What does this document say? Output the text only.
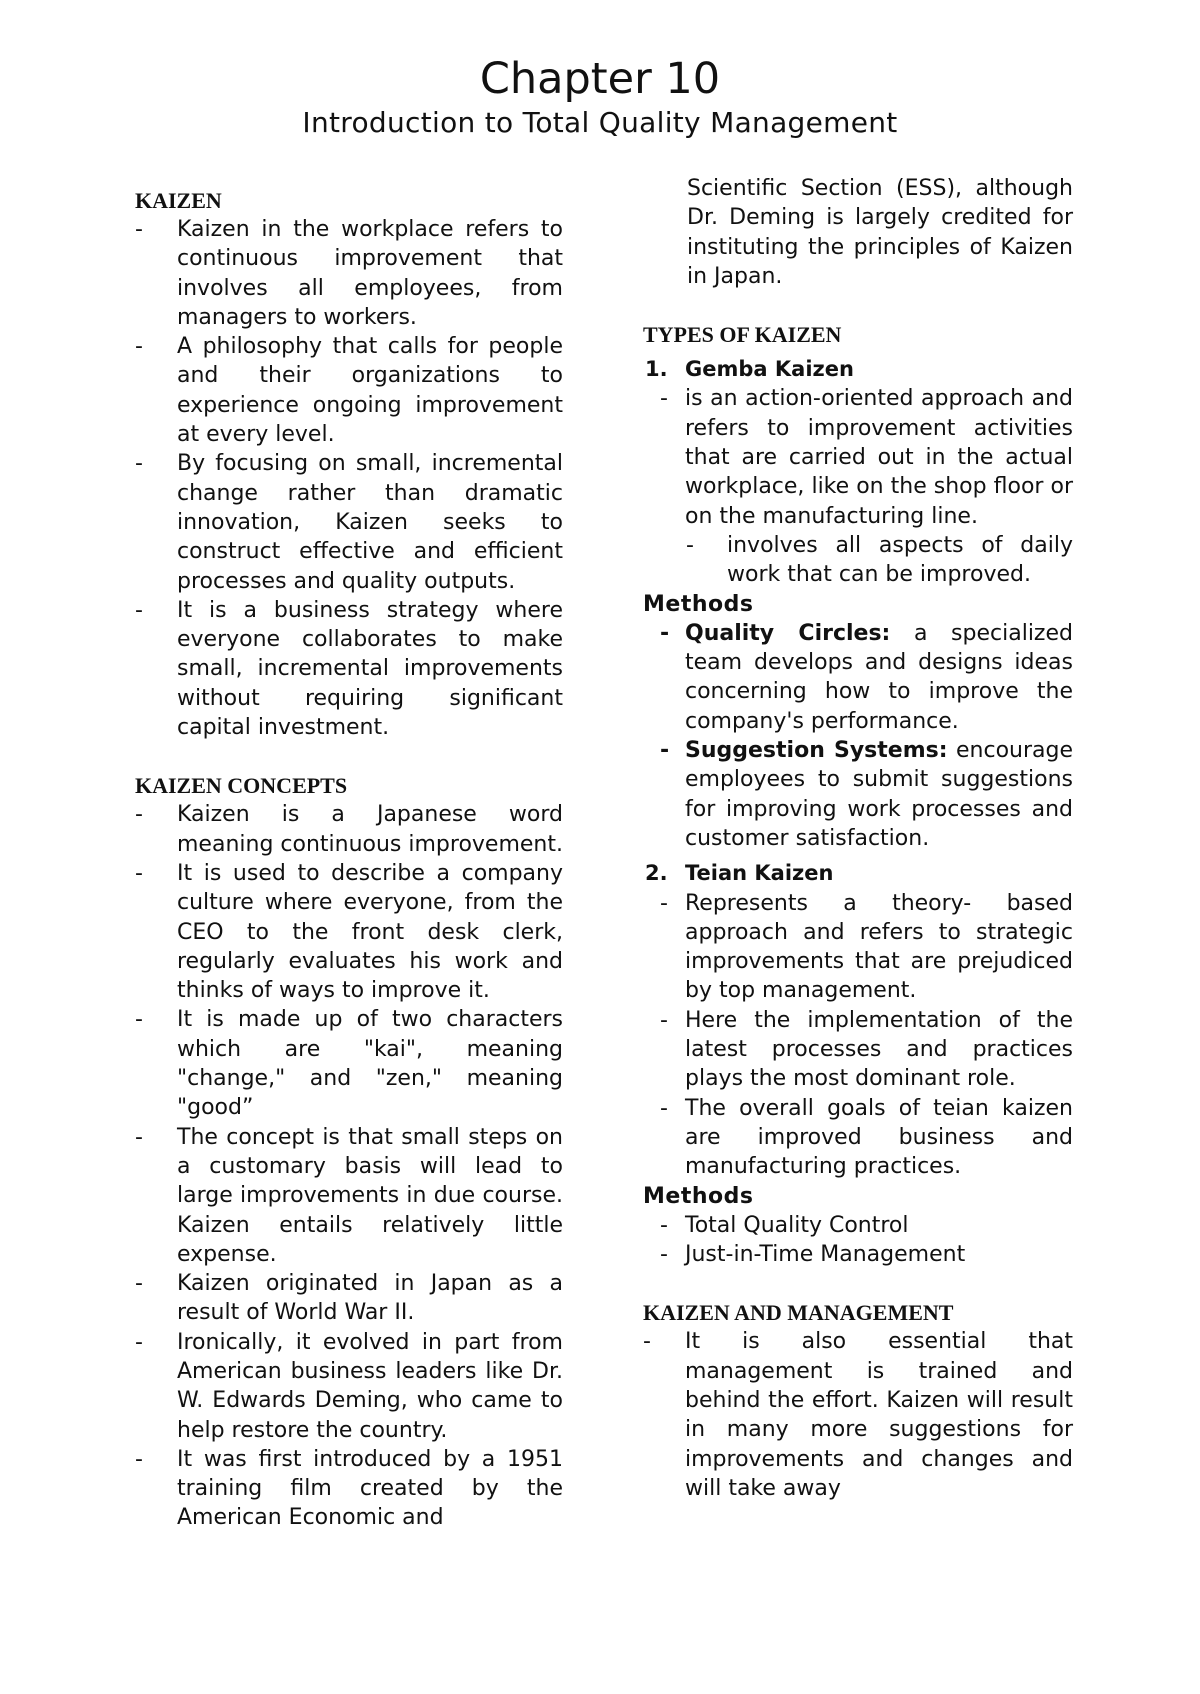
Chapter 10
Introduction to Total Quality Management

KAIZEN

- Kaizen in the workplace refers to continuous improvement that involves all employees, from managers to workers.
- A philosophy that calls for people and their organizations to experience ongoing improvement at every level.
- By focusing on small, incremental change rather than dramatic innovation, Kaizen seeks to construct effective and efficient processes and quality outputs.
- It is a business strategy where everyone collaborates to make small, incremental improvements without requiring significant capital investment.

KAIZEN CONCEPTS

- Kaizen is a Japanese word meaning continuous improvement.
- It is used to describe a company culture where everyone, from the CEO to the front desk clerk, regularly evaluates his work and thinks of ways to improve it.
- It is made up of two characters which are "kai", meaning "change," and "zen," meaning "good”
- The concept is that small steps on a customary basis will lead to large improvements in due course. Kaizen entails relatively little expense.
- Kaizen originated in Japan as a result of World War II.
- Ironically, it evolved in part from American business leaders like Dr. W. Edwards Deming, who came to help restore the country.
- It was first introduced by a 1951 training film created by the American Economic and
Scientific Section (ESS), although Dr. Deming is largely credited for instituting the principles of Kaizen in Japan.

TYPES OF KAIZEN

1. Gemba Kaizen
- is an action-oriented approach and refers to improvement activities that are carried out in the actual workplace, like on the shop floor or on the manufacturing line.
- involves all aspects of daily work that can be improved.

Methods

- Quality Circles: a specialized team develops and designs ideas concerning how to improve the company's performance.
- Suggestion Systems: encourage employees to submit suggestions for improving work processes and customer satisfaction.
2. Teian Kaizen
- Represents a theory- based approach and refers to strategic improvements that are prejudiced by top management.
- Here the implementation of the latest processes and practices plays the most dominant role.
- The overall goals of teian kaizen are improved business and manufacturing practices.

Methods

- Total Quality Control
- Just-in-Time Management

KAIZEN AND MANAGEMENT

- It is also essential that management is trained and behind the effort. Kaizen will result in many more suggestions for improvements and changes and will take away
